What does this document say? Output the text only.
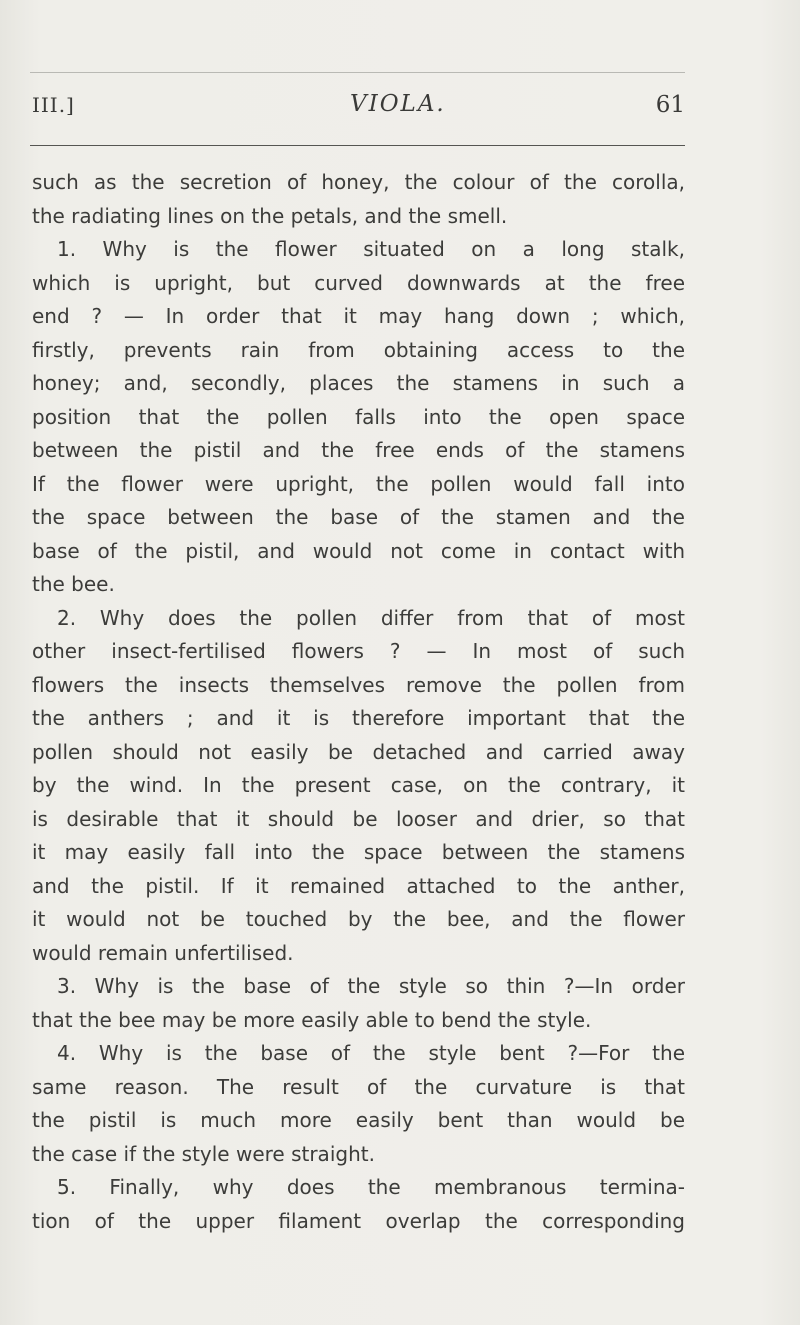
III.]	VIOLA.	61
such as the secretion of honey, the colour of the corolla,
the radiating lines on the petals, and the smell.
1. Why is the flower situated on a long stalk,
which is upright, but curved downwards at the free
end ? — In order that it may hang down ; which,
firstly, prevents rain from obtaining access to the
honey; and, secondly, places the stamens in such a
position that the pollen falls into the open space
between the pistil and the free ends of the stamens
If the flower were upright, the pollen would fall into
the space between the base of the stamen and the
base of the pistil, and would not come in contact with
the bee.
2. Why does the pollen differ from that of most
other insect-fertilised flowers ? — In most of such
flowers the insects themselves remove the pollen from
the anthers ; and it is therefore important that the
pollen should not easily be detached and carried away
by the wind. In the present case, on the contrary, it
is desirable that it should be looser and drier, so that
it may easily fall into the space between the stamens
and the pistil. If it remained attached to the anther,
it would not be touched by the bee, and the flower
would remain unfertilised.
3. Why is the base of the style so thin ?—In order
that the bee may be more easily able to bend the style.
4. Why is the base of the style bent ?—For the
same reason. The result of the curvature is that
the pistil is much more easily bent than would be
the case if the style were straight.
5. Finally, why does the membranous termina-
tion of the upper filament overlap the corresponding
